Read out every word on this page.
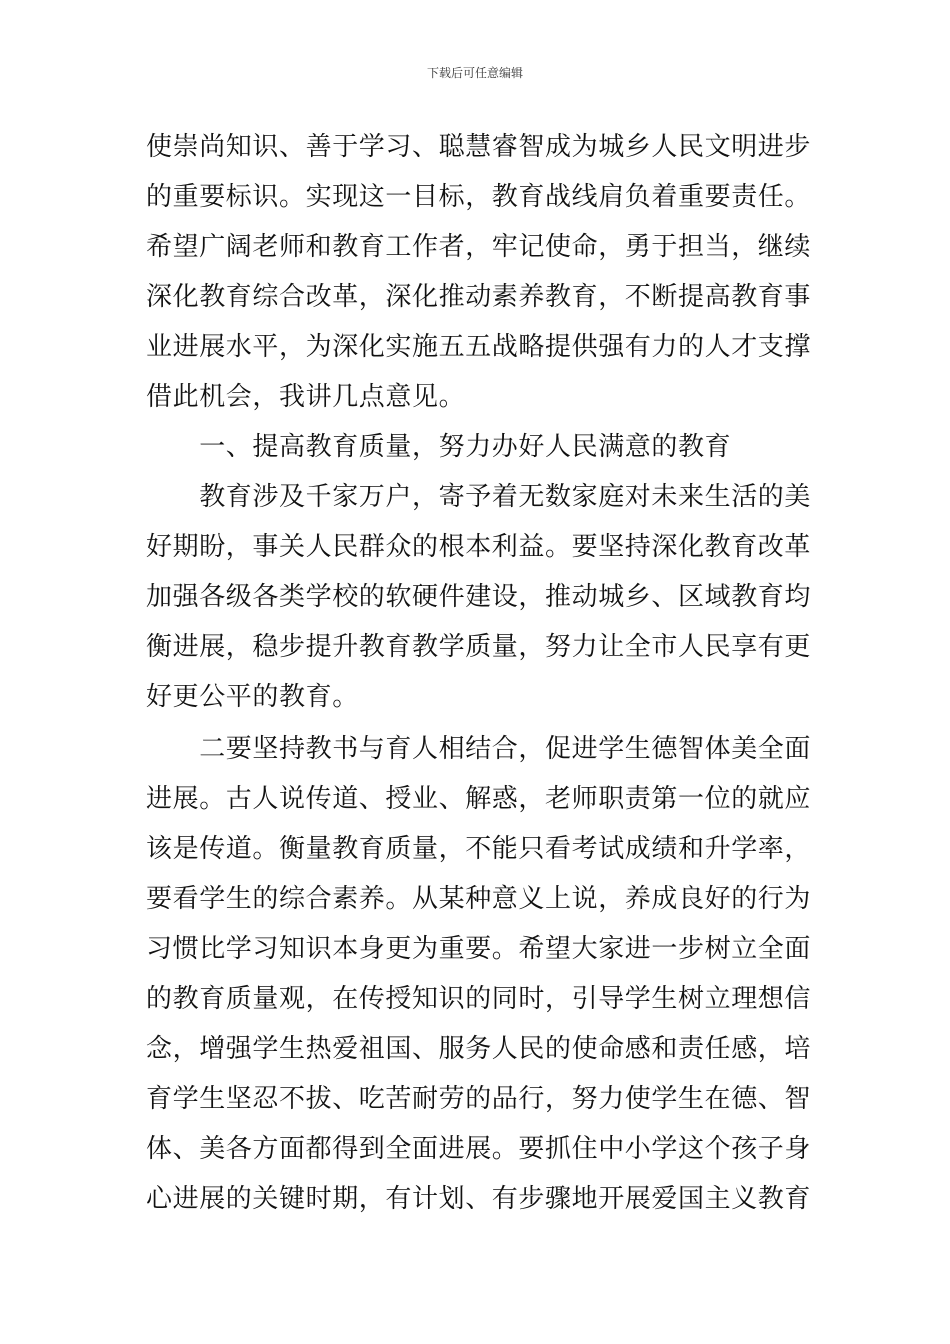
下载后可任意编辑
使崇尚知识、善于学习、聪慧睿智成为城乡人民文明进步
的重要标识。实现这一目标，教育战线肩负着重要责任。
希望广阔老师和教育工作者，牢记使命，勇于担当，继续
深化教育综合改革，深化推动素养教育，不断提高教育事
业进展水平，为深化实施五五战略提供强有力的人才支撑
借此机会，我讲几点意见。
　　一、提高教育质量，努力办好人民满意的教育
　　教育涉及千家万户，寄予着无数家庭对未来生活的美
好期盼，事关人民群众的根本利益。要坚持深化教育改革
加强各级各类学校的软硬件建设，推动城乡、区域教育均
衡进展，稳步提升教育教学质量，努力让全市人民享有更
好更公平的教育。
　　二要坚持教书与育人相结合，促进学生德智体美全面
进展。古人说传道、授业、解惑，老师职责第一位的就应
该是传道。衡量教育质量，不能只看考试成绩和升学率，
要看学生的综合素养。从某种意义上说，养成良好的行为
习惯比学习知识本身更为重要。希望大家进一步树立全面
的教育质量观，在传授知识的同时，引导学生树立理想信
念，增强学生热爱祖国、服务人民的使命感和责任感，培
育学生坚忍不拔、吃苦耐劳的品行，努力使学生在德、智
体、美各方面都得到全面进展。要抓住中小学这个孩子身
心进展的关键时期，有计划、有步骤地开展爱国主义教育
